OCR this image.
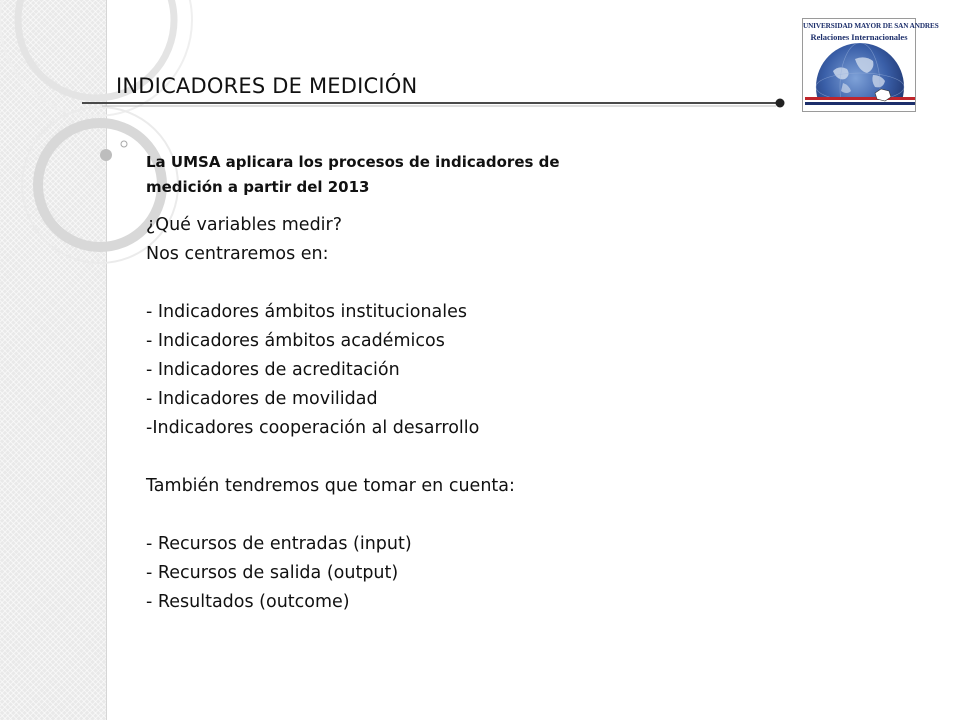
INDICADORES DE MEDICIÓN
UNIVERSIDAD MAYOR DE SAN ANDRES
Relaciones Internacionales

La UMSA aplicara los procesos de indicadores de
medición a partir del 2013

¿Qué variables medir?
Nos centraremos en:
- Indicadores ámbitos institucionales
- Indicadores ámbitos académicos
- Indicadores de acreditación
- Indicadores de movilidad
-Indicadores cooperación al desarrollo
También tendremos que tomar en cuenta:
- Recursos de entradas (input)
- Recursos de salida (output)
- Resultados (outcome)
